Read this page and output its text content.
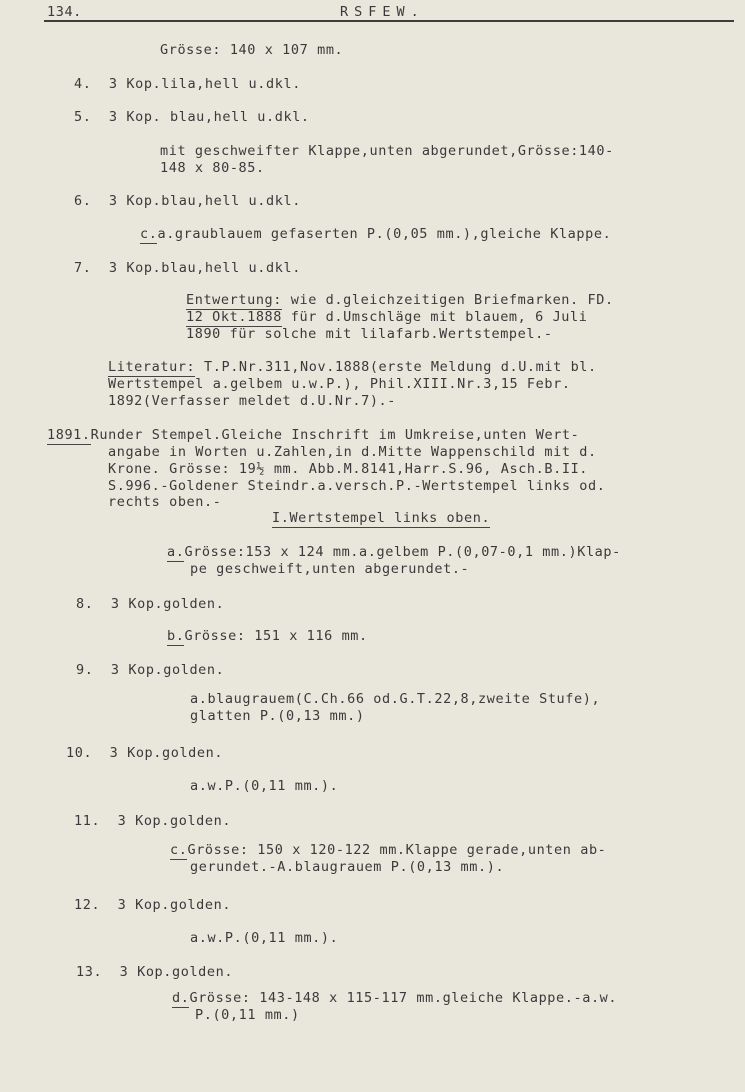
134.	RSFEW.
Grösse: 140 x 107 mm.
4.  3 Kop.lila,hell u.dkl.
5.  3 Kop. blau,hell u.dkl.
mit geschweifter Klappe,unten abgerundet,Grösse:140-
148 x 80-85.
6.  3 Kop.blau,hell u.dkl.
c.a.graublauem gefaserten P.(0,05 mm.),gleiche Klappe.
7.  3 Kop.blau,hell u.dkl.
Entwertung: wie d.gleichzeitigen Briefmarken. FD.
12 Okt.1888 für d.Umschläge mit blauem, 6 Juli
1890 für solche mit lilafarb.Wertstempel.-
Literatur: T.P.Nr.311,Nov.1888(erste Meldung d.U.mit bl.
Wertstempel a.gelbem u.w.P.), Phil.XIII.Nr.3,15 Febr.
1892(Verfasser meldet d.U.Nr.7).-
1891.Runder Stempel.Gleiche Inschrift im Umkreise,unten Wert-
angabe in Worten u.Zahlen,in d.Mitte Wappenschild mit d.
Krone. Grösse: 19½ mm. Abb.M.8141,Harr.S.96, Asch.B.II.
S.996.-Goldener Steindr.a.versch.P.-Wertstempel links od.
rechts oben.-
I.Wertstempel links oben.
a.Grösse:153 x 124 mm.a.gelbem P.(0,07-0,1 mm.)Klap-
pe geschweift,unten abgerundet.-
8.  3 Kop.golden.
b.Grösse: 151 x 116 mm.
9.  3 Kop.golden.
a.blaugrauem(C.Ch.66 od.G.T.22,8,zweite Stufe),
glatten P.(0,13 mm.)
10.  3 Kop.golden.
a.w.P.(0,11 mm.).
11.  3 Kop.golden.
c.Grösse: 150 x 120-122 mm.Klappe gerade,unten ab-
gerundet.-A.blaugrauem P.(0,13 mm.).
12.  3 Kop.golden.
a.w.P.(0,11 mm.).
13.  3 Kop.golden.
d.Grösse: 143-148 x 115-117 mm.gleiche Klappe.-a.w.
P.(0,11 mm.)
